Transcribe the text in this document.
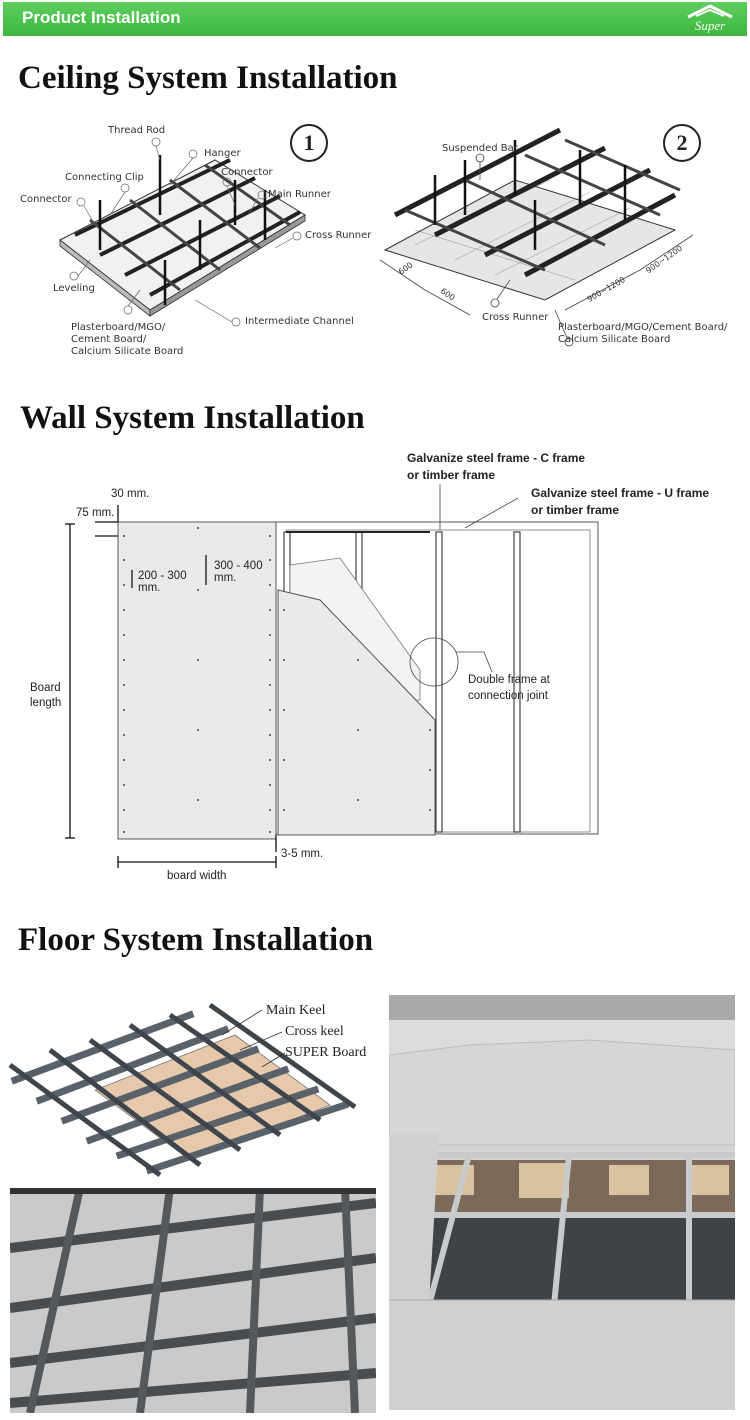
Product Installation	Super
Ceiling System Installation
1
Thread Rod
Hanger
Connecting Clip	Connector
Connector	Main Runner
Cross Runner
Leveling
Intermediate Channel
Plasterboard/MGO/
Cement Board/
Calcium Silicate Board
2
Suspended Bar
600
600	900~1200
900~1200
Cross Runner
Plasterboard/MGO/Cement Board/
Calcium Silicate Board
Wall System Installation
Galvanize steel frame - C frame
or timber frame
Galvanize steel frame - U frame
or timber frame
30 mm.
75 mm.
200 - 300
mm.
300 - 400
mm.
Board
length
Double frame at
connection joint
3-5 mm.
board width
Floor System Installation
Main Keel
Cross keel
SUPER Board
